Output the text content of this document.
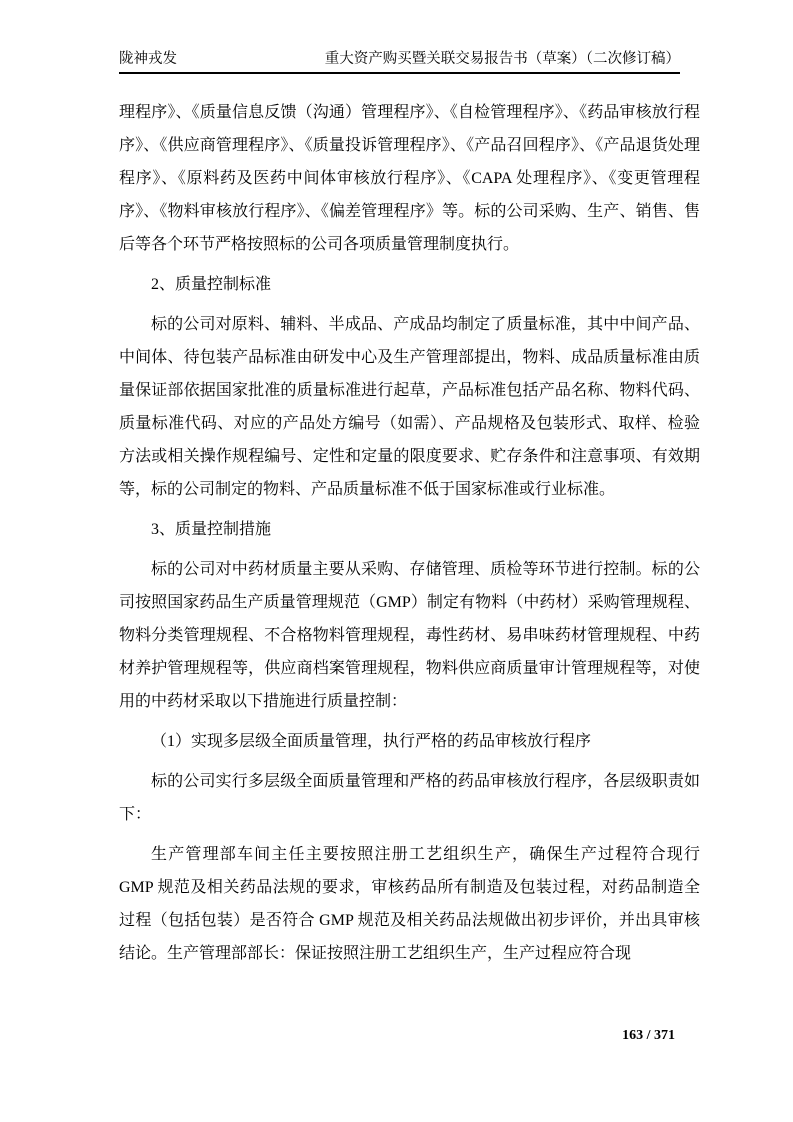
陇神戎发	重大资产购买暨关联交易报告书（草案）（二次修订稿）

理程序》、《质量信息反馈（沟通）管理程序》、《自检管理程序》、《药品审核放行程序》、《供应商管理程序》、《质量投诉管理程序》、《产品召回程序》、《产品退货处理程序》、《原料药及医药中间体审核放行程序》、《CAPA 处理程序》、《变更管理程序》、《物料审核放行程序》、《偏差管理程序》等。标的公司采购、生产、销售、售后等各个环节严格按照标的公司各项质量管理制度执行。

2、质量控制标准

标的公司对原料、辅料、半成品、产成品均制定了质量标准，其中中间产品、中间体、待包装产品标准由研发中心及生产管理部提出，物料、成品质量标准由质量保证部依据国家批准的质量标准进行起草，产品标准包括产品名称、物料代码、质量标准代码、对应的产品处方编号（如需）、产品规格及包装形式、取样、检验方法或相关操作规程编号、定性和定量的限度要求、贮存条件和注意事项、有效期等，标的公司制定的物料、产品质量标准不低于国家标准或行业标准。

3、质量控制措施

标的公司对中药材质量主要从采购、存储管理、质检等环节进行控制。标的公司按照国家药品生产质量管理规范（GMP）制定有物料（中药材）采购管理规程、物料分类管理规程、不合格物料管理规程，毒性药材、易串味药材管理规程、中药材养护管理规程等，供应商档案管理规程，物料供应商质量审计管理规程等，对使用的中药材采取以下措施进行质量控制：

（1）实现多层级全面质量管理，执行严格的药品审核放行程序

标的公司实行多层级全面质量管理和严格的药品审核放行程序，各层级职责如下：

生产管理部车间主任主要按照注册工艺组织生产，确保生产过程符合现行 GMP 规范及相关药品法规的要求，审核药品所有制造及包装过程，对药品制造全过程（包括包装）是否符合 GMP 规范及相关药品法规做出初步评价，并出具审核结论。生产管理部部长：保证按照注册工艺组织生产，生产过程应符合现

163 / 371
